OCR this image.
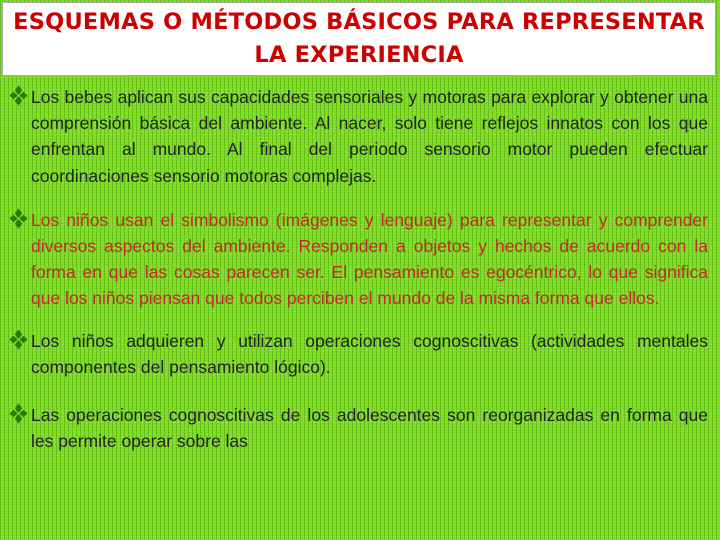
ESQUEMAS O MÉTODOS BÁSICOS PARA REPRESENTAR LA EXPERIENCIA

Los bebes aplican sus capacidades sensoriales y motoras para explorar y obtener una comprensión básica del ambiente. Al nacer, solo tiene reflejos innatos con los que enfrentan al mundo. Al final del periodo sensorio motor pueden efectuar coordinaciones sensorio motoras complejas.

Los niños usan el simbolismo (imágenes y lenguaje) para representar y comprender diversos aspectos del ambiente. Responden a objetos y hechos de acuerdo con la forma en que las cosas parecen ser. El pensamiento es egocéntrico, lo que significa que los niños piensan que todos perciben el mundo de la misma forma que ellos.

Los niños adquieren y utilizan operaciones cognoscitivas (actividades mentales componentes del pensamiento lógico).

Las operaciones cognoscitivas de los adolescentes son reorganizadas en forma que les permite operar sobre las
